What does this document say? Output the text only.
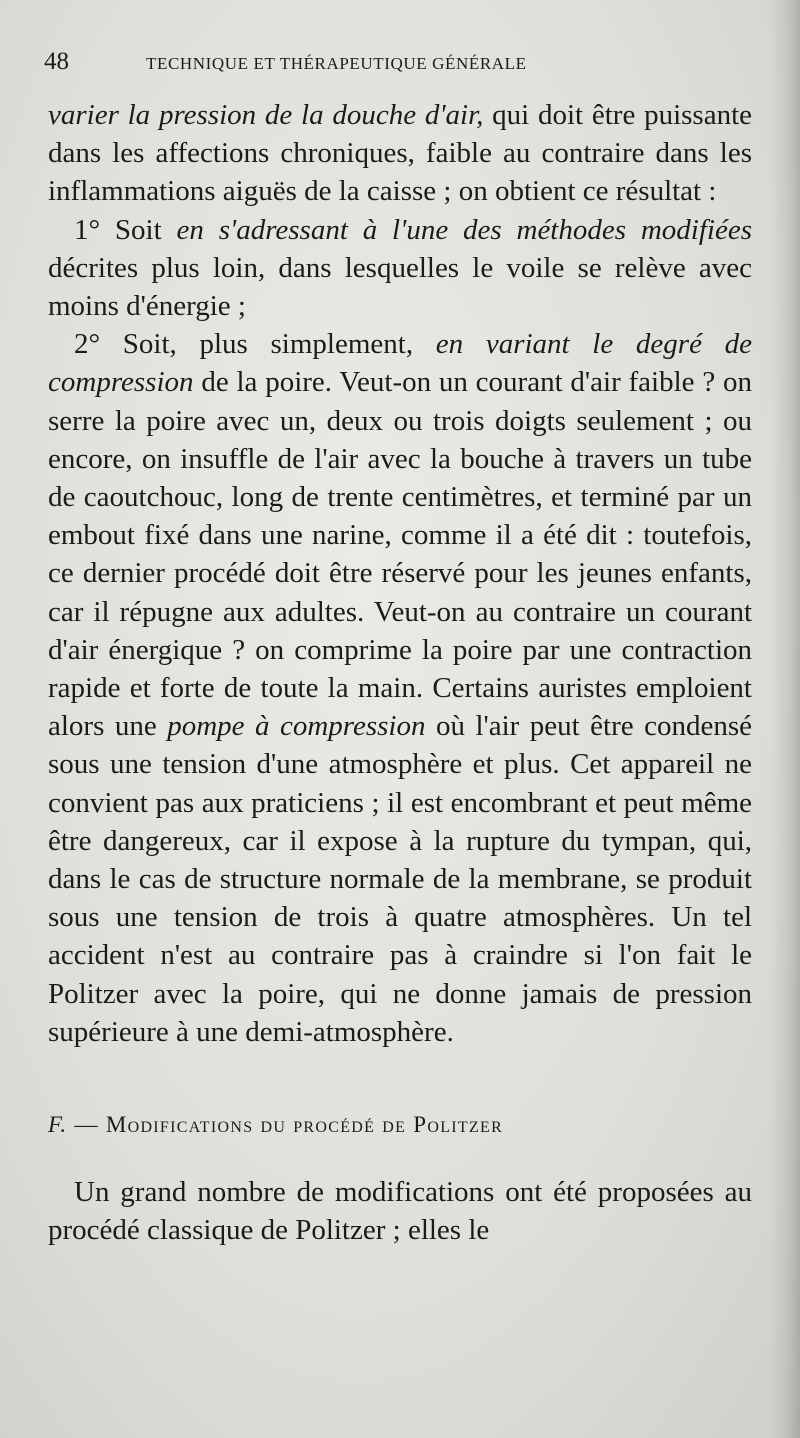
48	TECHNIQUE ET THÉRAPEUTIQUE GÉNÉRALE

varier la pression de la douche d'air, qui doit être puissante dans les affections chroniques, faible au contraire dans les inflammations aiguës de la caisse ; on obtient ce résultat :

1° Soit en s'adressant à l'une des méthodes modifiées décrites plus loin, dans lesquelles le voile se relève avec moins d'énergie ;

2° Soit, plus simplement, en variant le degré de compression de la poire. Veut-on un courant d'air faible ? on serre la poire avec un, deux ou trois doigts seulement ; ou encore, on insuffle de l'air avec la bouche à travers un tube de caoutchouc, long de trente centimètres, et terminé par un embout fixé dans une narine, comme il a été dit : toutefois, ce dernier procédé doit être réservé pour les jeunes enfants, car il répugne aux adultes. Veut-on au contraire un courant d'air énergique ? on comprime la poire par une contraction rapide et forte de toute la main. Certains auristes emploient alors une pompe à compression où l'air peut être condensé sous une tension d'une atmosphère et plus. Cet appareil ne convient pas aux praticiens ; il est encombrant et peut même être dangereux, car il expose à la rupture du tympan, qui, dans le cas de structure normale de la membrane, se produit sous une tension de trois à quatre atmosphères. Un tel accident n'est au contraire pas à craindre si l'on fait le Politzer avec la poire, qui ne donne jamais de pression supérieure à une demi-atmosphère.

F. — Modifications du procédé de Politzer

Un grand nombre de modifications ont été proposées au procédé classique de Politzer ; elles le
